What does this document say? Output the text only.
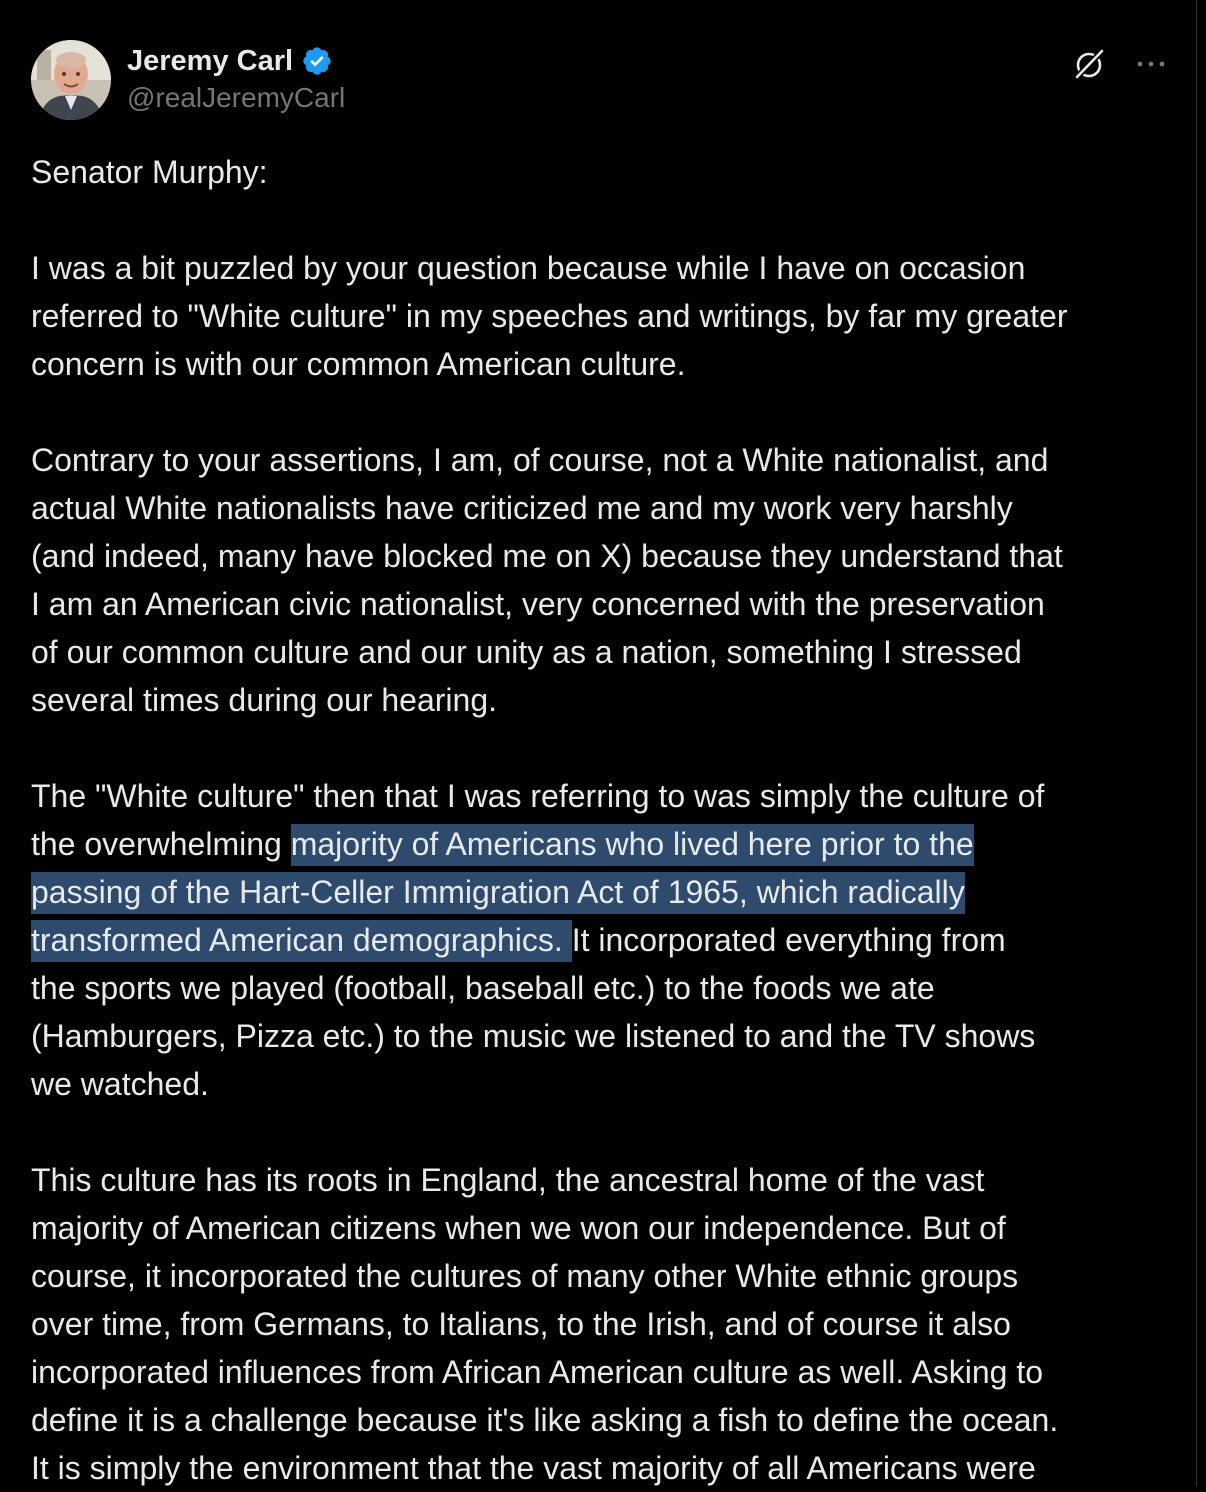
Jeremy Carl
@realJeremyCarl
Senator Murphy:
I was a bit puzzled by your question because while I have on occasion
referred to "White culture" in my speeches and writings, by far my greater
concern is with our common American culture.
Contrary to your assertions, I am, of course, not a White nationalist, and
actual White nationalists have criticized me and my work very harshly
(and indeed, many have blocked me on X) because they understand that
I am an American civic nationalist, very concerned with the preservation
of our common culture and our unity as a nation, something I stressed
several times during our hearing.
The "White culture" then that I was referring to was simply the culture of
the overwhelming majority of Americans who lived here prior to the
passing of the Hart-Celler Immigration Act of 1965, which radically
transformed American demographics. It incorporated everything from
the sports we played (football, baseball etc.) to the foods we ate
(Hamburgers, Pizza etc.) to the music we listened to and the TV shows
we watched.
This culture has its roots in England, the ancestral home of the vast
majority of American citizens when we won our independence. But of
course, it incorporated the cultures of many other White ethnic groups
over time, from Germans, to Italians, to the Irish, and of course it also
incorporated influences from African American culture as well. Asking to
define it is a challenge because it's like asking a fish to define the ocean.
It is simply the environment that the vast majority of all Americans were
